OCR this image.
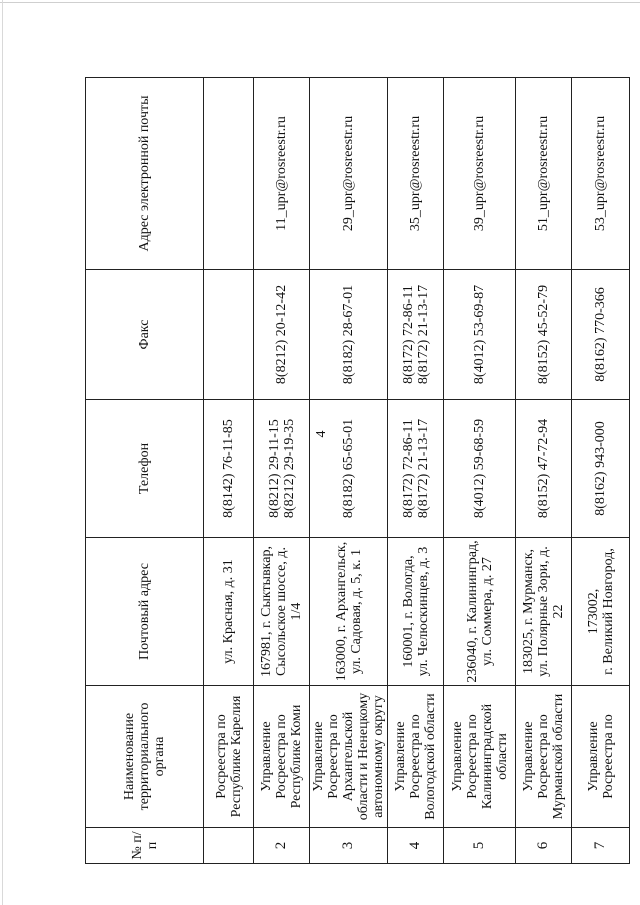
4
№ п/п	Наименование территориального органа	Почтовый адрес	Телефон	Факс	Адрес электронной почты

	Росреестра по Республике Карелия	ул. Красная, д. 31	8(8142) 76-11-85		

2	Управление Росреестра по Республике Коми	167981, г. Сыктывкар, Сысольское шоссе, д. 1/4	8(8212) 29-11-15 8(8212) 29-19-35	8(8212) 20-12-42	11_upr@rosreestr.ru
3	Управление Росреестра по Архангельской области и Ненецкому автономному округу	163000, г. Архангельск, ул. Садовая, д. 5, к. 1	8(8182) 65-65-01	8(8182) 28-67-01	29_upr@rosreestr.ru
4	Управление Росреестра по Вологодской области	160001, г. Вологда, ул. Челюскинцев, д. 3	8(8172) 72-86-11 8(8172) 21-13-17	8(8172) 72-86-11 8(8172) 21-13-17	35_upr@rosreestr.ru
5	Управление Росреестра по Калининградской области	236040, г. Калининград, ул. Соммера, д. 27	8(4012) 59-68-59	8(4012) 53-69-87	39_upr@rosreestr.ru
6	Управление Росреестра по Мурманской области	183025, г. Мурманск, ул. Полярные Зори, д. 22	8(8152) 47-72-94	8(8152) 45-52-79	51_upr@rosreestr.ru
7	Управление Росреестра по	173002, г. Великий Новгород,	8(8162) 943-000	8(8162) 770-366	53_upr@rosreestr.ru
